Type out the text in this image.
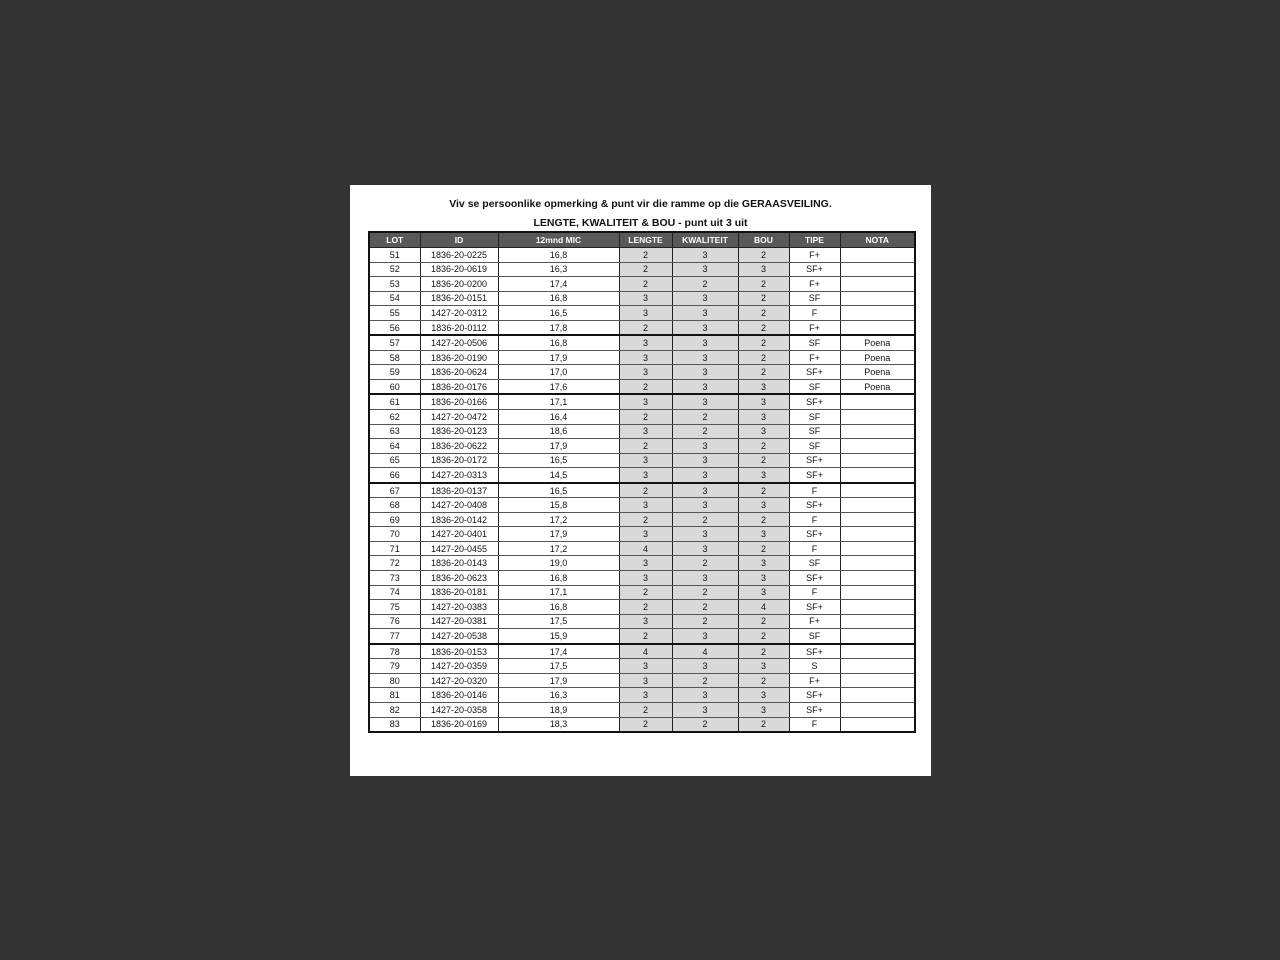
Viv se persoonlike opmerking & punt vir die ramme op die GERAASVEILING.
LENGTE, KWALITEIT & BOU - punt uit 3 uit
LOT	ID	12mnd MIC	LENGTE	KWALITEIT	BOU	TIPE	NOTA
51	1836-20-0225	16,8	2	3	2	F+	
52	1836-20-0619	16,3	2	3	3	SF+	
53	1836-20-0200	17,4	2	2	2	F+	
54	1836-20-0151	16,8	3	3	2	SF	
55	1427-20-0312	16,5	3	3	2	F	
56	1836-20-0112	17,8	2	3	2	F+	
57	1427-20-0506	16,8	3	3	2	SF	Poena
58	1836-20-0190	17,9	3	3	2	F+	Poena
59	1836-20-0624	17,0	3	3	2	SF+	Poena
60	1836-20-0176	17,6	2	3	3	SF	Poena
61	1836-20-0166	17,1	3	3	3	SF+	
62	1427-20-0472	16,4	2	2	3	SF	
63	1836-20-0123	18,6	3	2	3	SF	
64	1836-20-0622	17,9	2	3	2	SF	
65	1836-20-0172	16,5	3	3	2	SF+	
66	1427-20-0313	14,5	3	3	3	SF+	
67	1836-20-0137	16,5	2	3	2	F	
68	1427-20-0408	15,8	3	3	3	SF+	
69	1836-20-0142	17,2	2	2	2	F	
70	1427-20-0401	17,9	3	3	3	SF+	
71	1427-20-0455	17,2	4	3	2	F	
72	1836-20-0143	19,0	3	2	3	SF	
73	1836-20-0623	16,8	3	3	3	SF+	
74	1836-20-0181	17,1	2	2	3	F	
75	1427-20-0383	16,8	2	2	4	SF+	
76	1427-20-0381	17,5	3	2	2	F+	
77	1427-20-0538	15,9	2	3	2	SF	
78	1836-20-0153	17,4	4	4	2	SF+	
79	1427-20-0359	17,5	3	3	3	S	
80	1427-20-0320	17,9	3	2	2	F+	
81	1836-20-0146	16,3	3	3	3	SF+	
82	1427-20-0358	18,9	2	3	3	SF+	
83	1836-20-0169	18,3	2	2	2	F	
